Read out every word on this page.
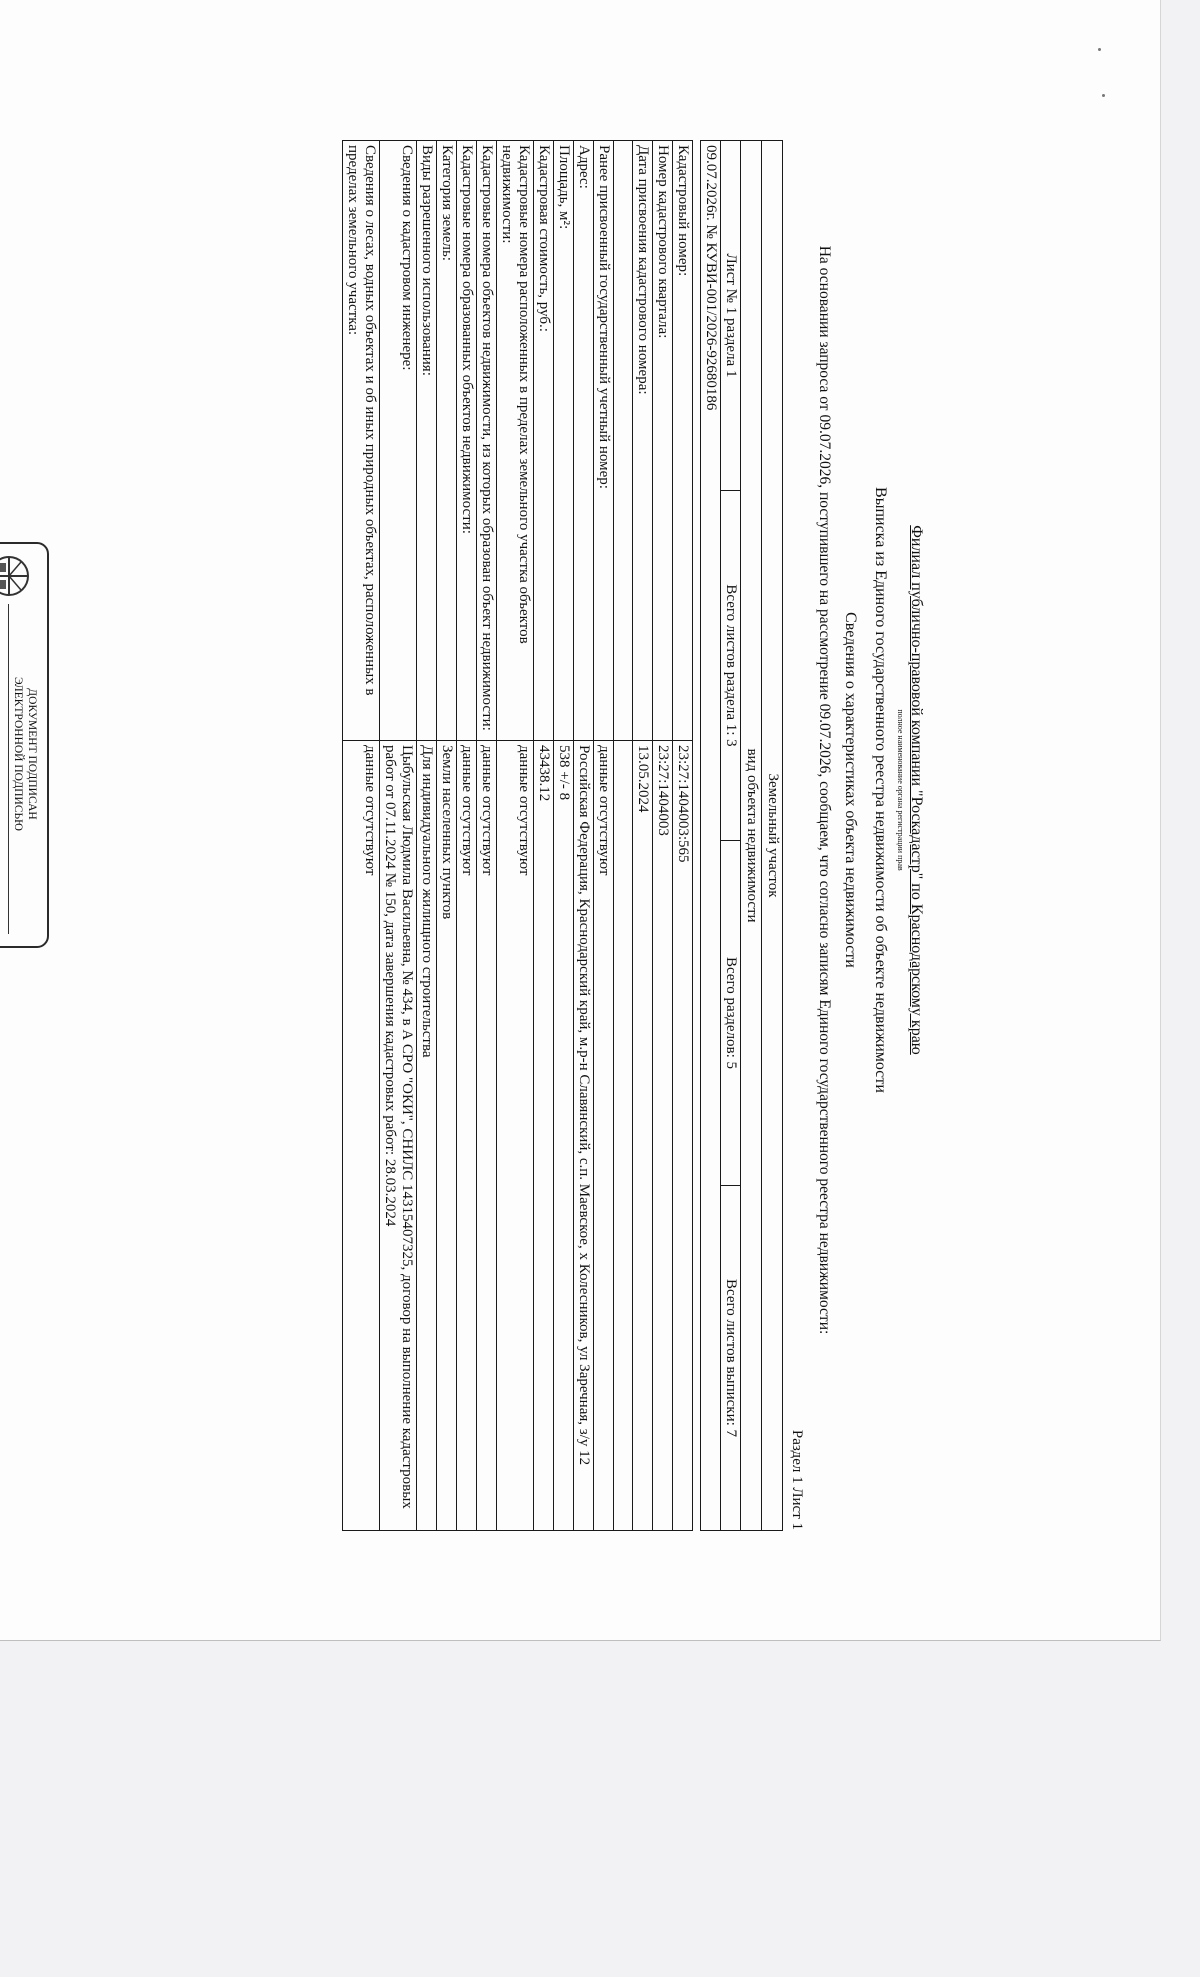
Филиал публично-правовой компании "Роскадастр" по Краснодарскому краю
полное наименование органа регистрации прав
Выписка из Единого государственного реестра недвижимости об объекте недвижимости
Сведения о характеристиках объекта недвижимости
На основании запроса от 09.07.2026, поступившего на рассмотрение 09.07.2026, сообщаем, что согласно записям Единого государственного реестра недвижимости:
Раздел 1 Лист 1
Земельный участок
вид объекта недвижимости
Лист № 1 раздела 1	Всего листов раздела 1: 3	Всего разделов: 5	Всего листов выписки: 7
09.07.2026г. № КУВИ-001/2026-92680186
Кадастровый номер:	23:27:1404003:565
Номер кадастрового квартала:	23:27:1404003
Дата присвоения кадастрового номера:	13.05.2024

Ранее присвоенный государственный учетный номер:	данные отсутствуют
Адрес:	Российская Федерация, Краснодарский край, м.р-н Славянский, с.п. Маевское, х Колесников, ул Заречная, з/у 12
Площадь, м²:	538 +/- 8
Кадастровая стоимость, руб.:	43438.12
Кадастровые номера расположенных в пределах земельного участка объектов недвижимости:	данные отсутствуют
Кадастровые номера объектов недвижимости, из которых образован объект недвижимости:	данные отсутствуют
Кадастровые номера образованных объектов недвижимости:	данные отсутствуют
Категория земель:	Земли населенных пунктов
Виды разрешенного использования:	Для индивидуального жилищного строительства
Сведения о кадастровом инженере:	Цыбульская Людмила Васильевна, № 434, в А СРО "ОКИ", СНИЛС 14315407325, договор на выполнение кадастровых работ от 07.11.2024 № 150, дата завершения кадастровых работ: 28.03.2024
Сведения о лесах, водных объектах и об иных природных объектах, расположенных в пределах земельного участка:	данные отсутствуют
ДОКУМЕНТ ПОДПИСАН
ЭЛЕКТРОННОЙ ПОДПИСЬЮ
